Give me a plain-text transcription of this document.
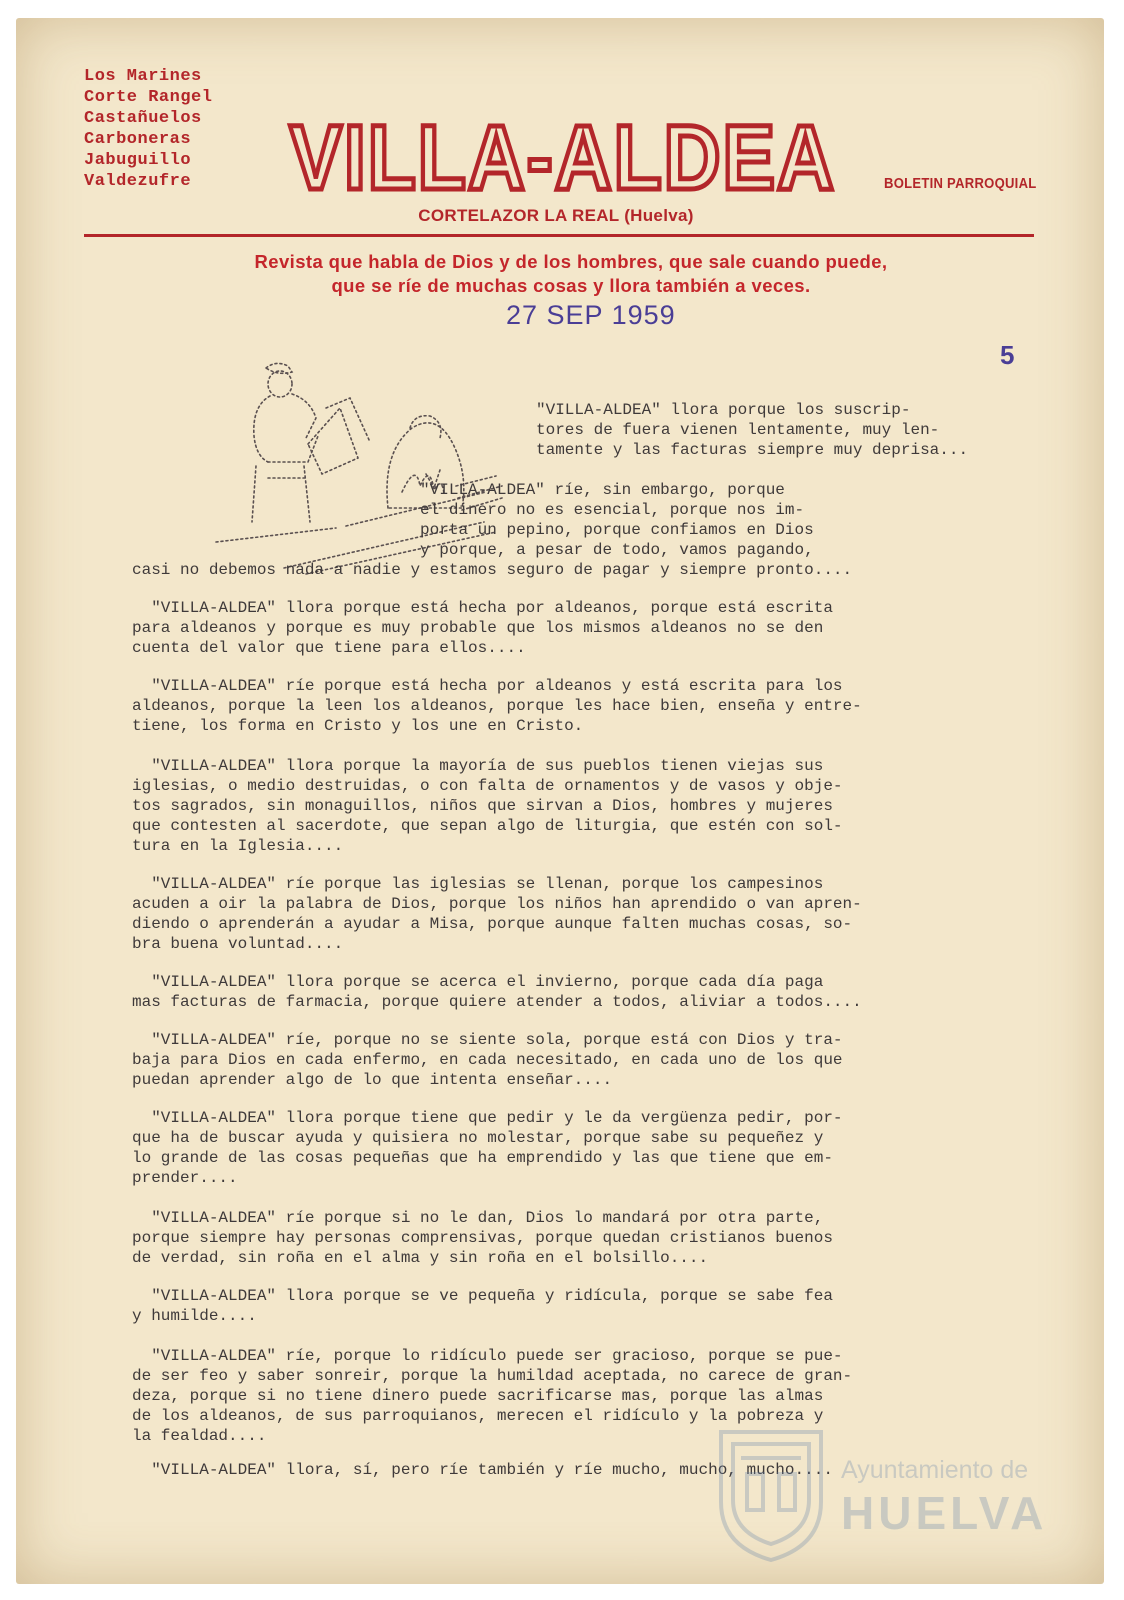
Los Marines
Corte Rangel
Castañuelos
Carboneras
Jabuguillo
Valdezufre VILLA-ALDEA	BOLETIN PARROQUIAL
CORTELAZOR LA REAL (Huelva)
Revista que habla de Dios y de los hombres, que sale cuando puede,
que se ríe de muchas cosas y llora también a veces.
27 SEP 1959
5
"VILLA-ALDEA" llora porque los suscrip-
tores de fuera vienen lentamente, muy len-
tamente y las facturas siempre muy deprisa...
"VILLA-ALDEA" ríe, sin embargo, porque
el dinero no es esencial, porque nos im-
porta un pepino, porque confiamos en Dios
y porque, a pesar de todo, vamos pagando,
casi no debemos nada a nadie y estamos seguro de pagar y siempre pronto....
"VILLA-ALDEA" llora porque está hecha por aldeanos, porque está escrita
para aldeanos y porque es muy probable que los mismos aldeanos no se den
cuenta del valor que tiene para ellos....
"VILLA-ALDEA" ríe porque está hecha por aldeanos y está escrita para los
aldeanos, porque la leen los aldeanos, porque les hace bien, enseña y entre-
tiene, los forma en Cristo y los une en Cristo.
"VILLA-ALDEA" llora porque la mayoría de sus pueblos tienen viejas sus
iglesias, o medio destruidas, o con falta de ornamentos y de vasos y obje-
tos sagrados, sin monaguillos, niños que sirvan a Dios, hombres y mujeres
que contesten al sacerdote, que sepan algo de liturgia, que estén con sol-
tura en la Iglesia....
"VILLA-ALDEA" ríe porque las iglesias se llenan, porque los campesinos
acuden a oir la palabra de Dios, porque los niños han aprendido o van apren-
diendo o aprenderán a ayudar a Misa, porque aunque falten muchas cosas, so-
bra buena voluntad....
"VILLA-ALDEA" llora porque se acerca el invierno, porque cada día paga
mas facturas de farmacia, porque quiere atender a todos, aliviar a todos....
"VILLA-ALDEA" ríe, porque no se siente sola, porque está con Dios y tra-
baja para Dios en cada enfermo, en cada necesitado, en cada uno de los que
puedan aprender algo de lo que intenta enseñar....
"VILLA-ALDEA" llora porque tiene que pedir y le da vergüenza pedir, por-
que ha de buscar ayuda y quisiera no molestar, porque sabe su pequeñez y
lo grande de las cosas pequeñas que ha emprendido y las que tiene que em-
prender....
"VILLA-ALDEA" ríe porque si no le dan, Dios lo mandará por otra parte,
porque siempre hay personas comprensivas, porque quedan cristianos buenos
de verdad, sin roña en el alma y sin roña en el bolsillo....
"VILLA-ALDEA" llora porque se ve pequeña y ridícula, porque se sabe fea
y humilde....
"VILLA-ALDEA" ríe, porque lo ridículo puede ser gracioso, porque se pue-
de ser feo y saber sonreir, porque la humildad aceptada, no carece de gran-
deza, porque si no tiene dinero puede sacrificarse mas, porque las almas
de los aldeanos, de sus parroquianos, merecen el ridículo y la pobreza y
la fealdad....
"VILLA-ALDEA" llora, sí, pero ríe también y ríe mucho, mucho, mucho.... Ayuntamiento de
HUELVA
